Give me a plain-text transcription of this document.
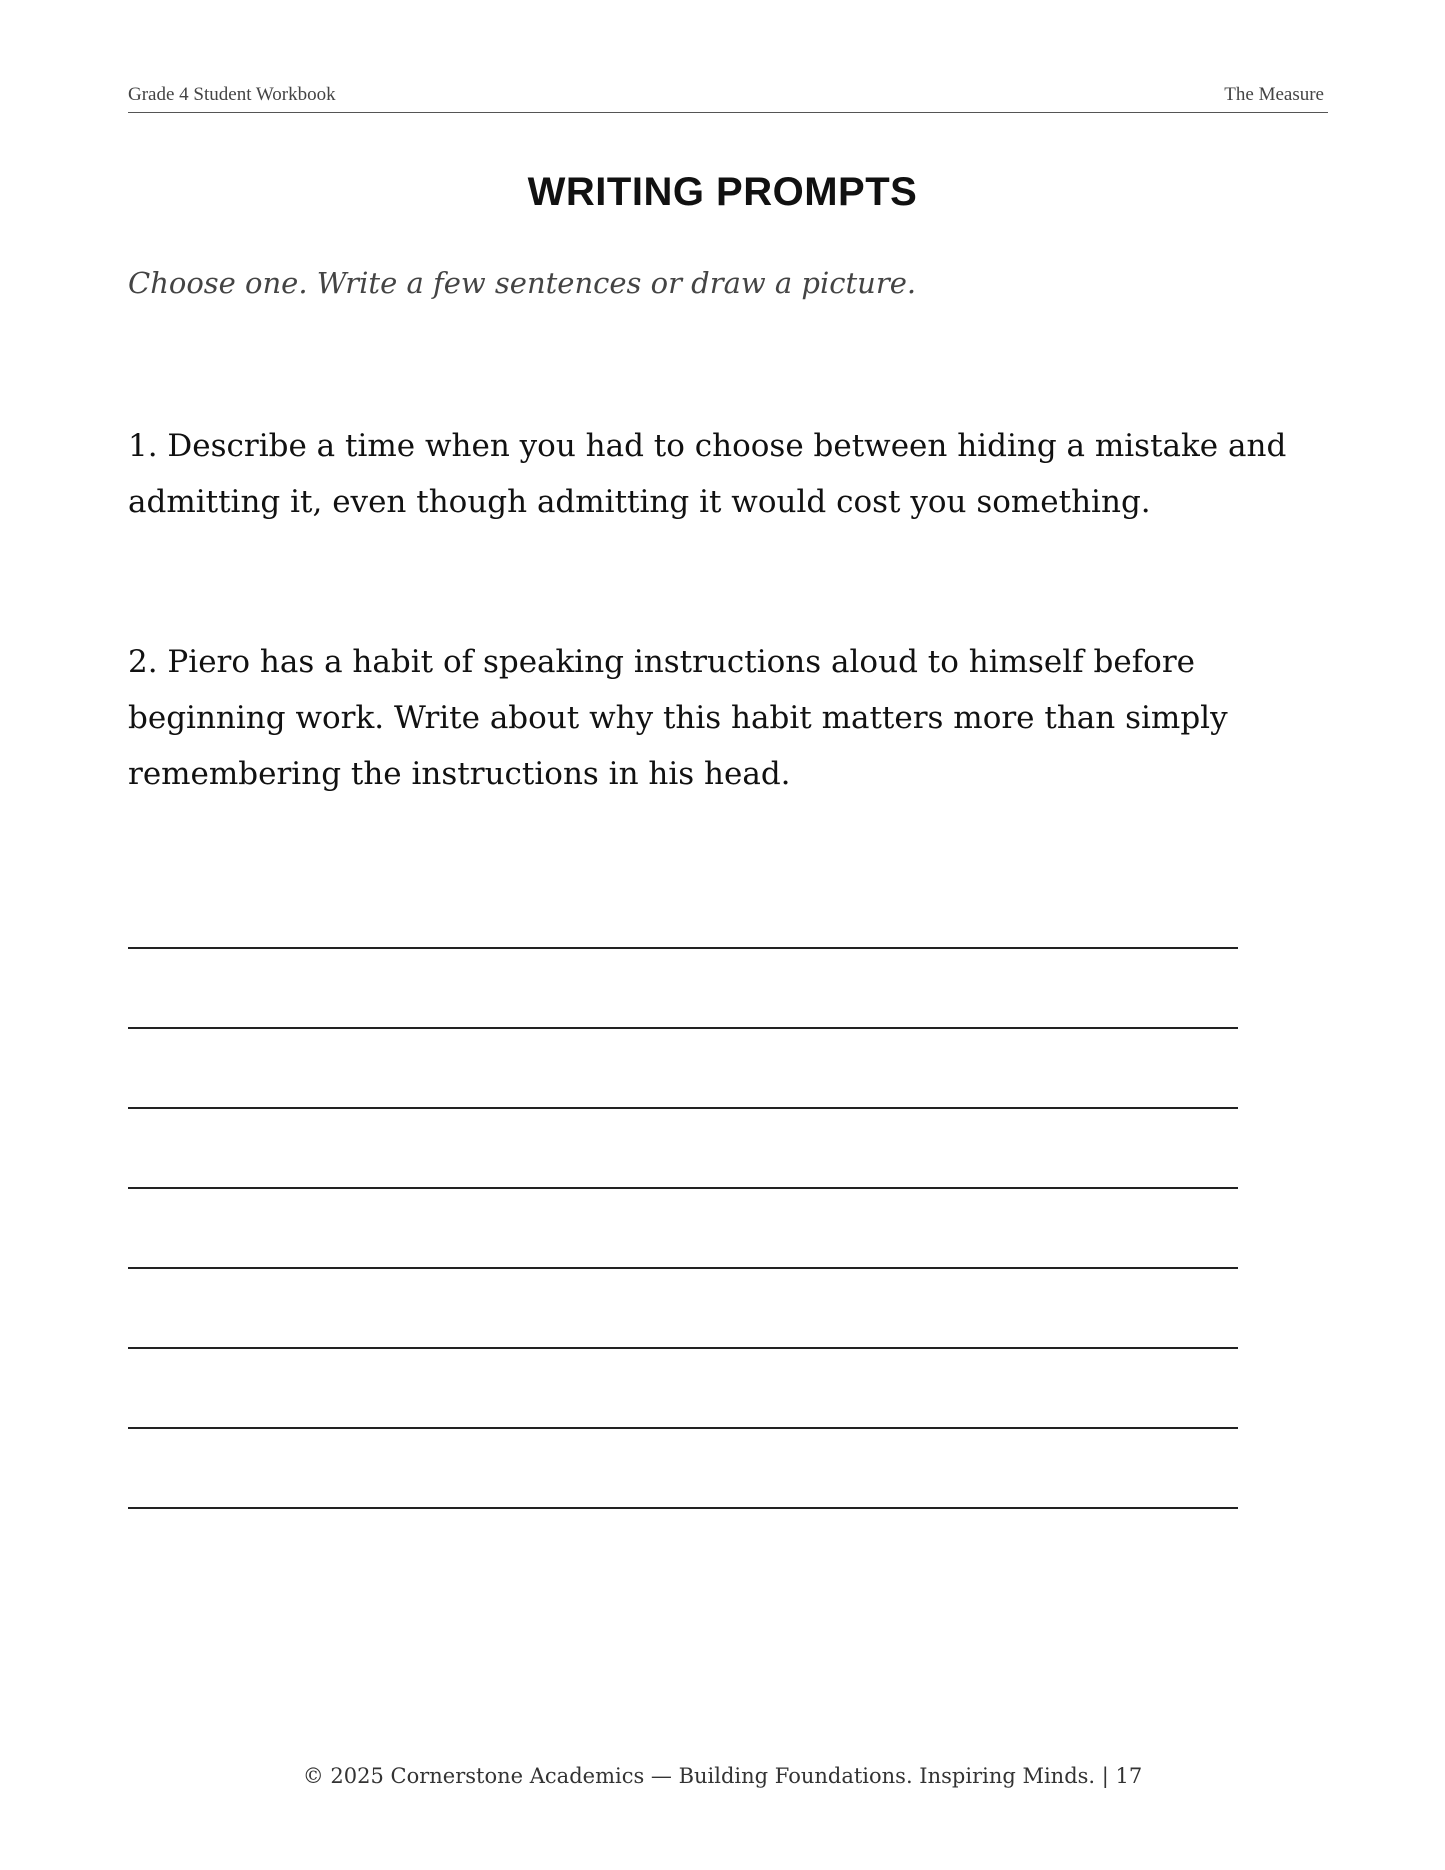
Grade 4 Student Workbook	The Measure
WRITING PROMPTS
Choose one. Write a few sentences or draw a picture.
1. Describe a time when you had to choose between hiding a mistake and admitting it, even though admitting it would cost you something.
2. Piero has a habit of speaking instructions aloud to himself before beginning work. Write about why this habit matters more than simply remembering the instructions in his head.
© 2025 Cornerstone Academics — Building Foundations. Inspiring Minds. | 17
